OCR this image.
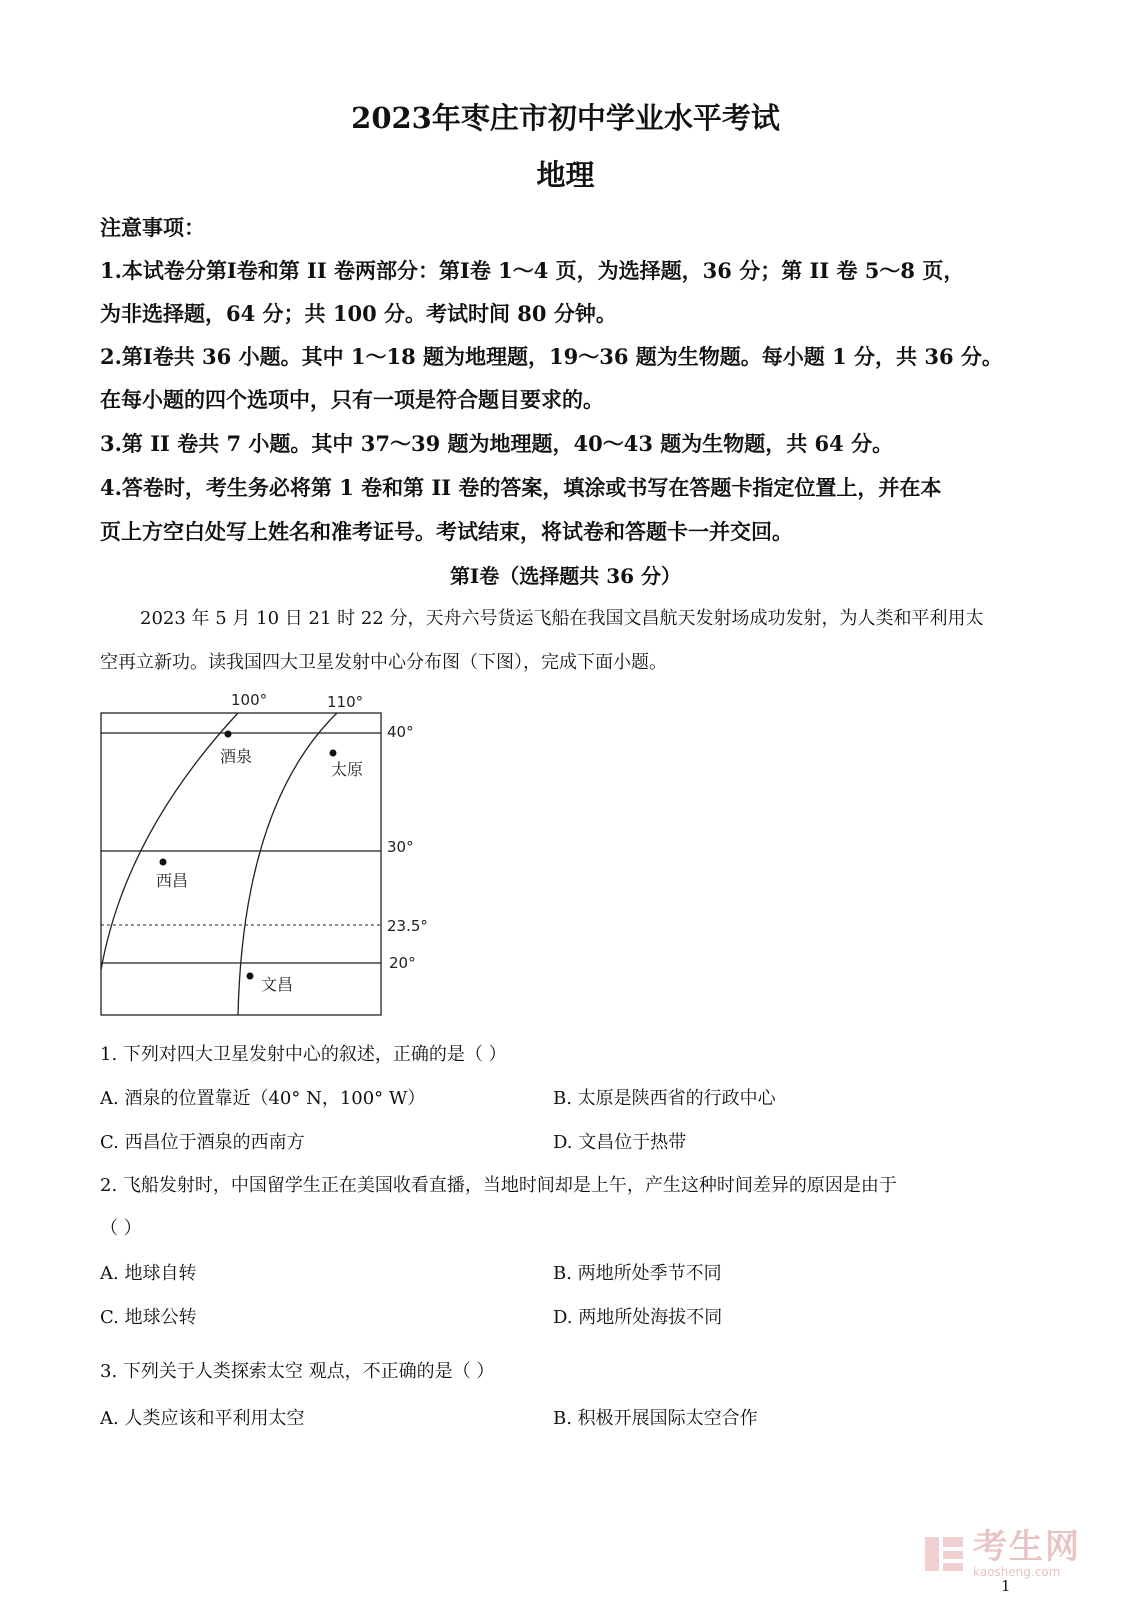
2023年枣庄市初中学业水平考试
地理
注意事项：
1.本试卷分第Ⅰ卷和第 II 卷两部分：第Ⅰ卷 1～4 页，为选择题，36 分；第 II 卷 5～8 页，
为非选择题，64 分；共 100 分。考试时间 80 分钟。
2.第Ⅰ卷共 36 小题。其中 1～18 题为地理题，19～36 题为生物题。每小题 1 分，共 36 分。
在每小题的四个选项中，只有一项是符合题目要求的。
3.第 II 卷共 7 小题。其中 37～39 题为地理题，40～43 题为生物题，共 64 分。
4.答卷时，考生务必将第 1 卷和第 II 卷的答案，填涂或书写在答题卡指定位置上，并在本
页上方空白处写上姓名和准考证号。考试结束，将试卷和答题卡一并交回。
第Ⅰ卷（选择题共 36 分）
2023 年 5 月 10 日 21 时 22 分，天舟六号货运飞船在我国文昌航天发射场成功发射，为人类和平利用太
空再立新功。读我国四大卫星发射中心分布图（下图），完成下面小题。
100°	110°
40°
30°
23.5°
20°
酒泉
太原
西昌
文昌
1. 下列对四大卫星发射中心的叙述，正确的是（ ）
A. 酒泉的位置靠近（40° N，100° W）	B. 太原是陕西省的行政中心
C. 西昌位于酒泉的西南方	D. 文昌位于热带
2. 飞船发射时，中国留学生正在美国收看直播，当地时间却是上午，产生这种时间差异的原因是由于
（ ）
A. 地球自转	B. 两地所处季节不同
C. 地球公转	D. 两地所处海拔不同
3. 下列关于人类探索太空 观点，不正确的是（ ）
A. 人类应该和平利用太空	B. 积极开展国际太空合作
考生网
kaosheng.com
1
